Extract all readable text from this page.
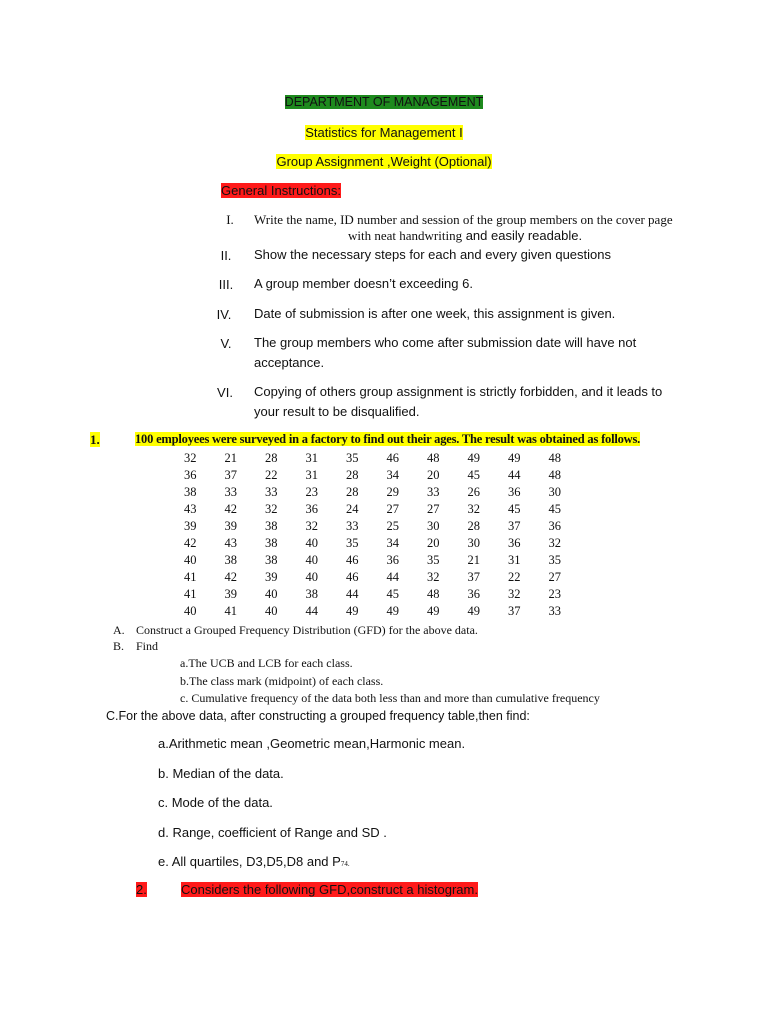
DEPARTMENT OF MANAGEMENT
Statistics for Management I
Group Assignment ,Weight (Optional)
General Instructions:
I.	Write the name, ID number and session of the group members on the cover page
with neat handwriting and easily readable.
II.	Show the necessary steps for each and every given questions
III.	A group member doesn’t exceeding 6.
IV.	Date of submission is after one week, this assignment is given.
V.	The group members who come after submission date will have not
acceptance.
VI.	Copying of others group assignment is strictly forbidden, and it leads to
your result to be disqualified.
1.	100 employees were surveyed in a factory to find out their ages. The result was obtained as follows.
32	21	28	31	35	46	48	49	49	48
36	37	22	31	28	34	20	45	44	48
38	33	33	23	28	29	33	26	36	30
43	42	32	36	24	27	27	32	45	45
39	39	38	32	33	25	30	28	37	36
42	43	38	40	35	34	20	30	36	32
40	38	38	40	46	36	35	21	31	35
41	42	39	40	46	44	32	37	22	27
41	39	40	38	44	45	48	36	32	23
40	41	40	44	49	49	49	49	37	33
A. Construct a Grouped Frequency Distribution (GFD) for the above data.
B. Find
a.The UCB and LCB for each class.
b.The class mark (midpoint) of each class.
c. Cumulative frequency of the data both less than and more than cumulative frequency
C.For the above data, after constructing a grouped frequency table,then find:
a.Arithmetic mean ,Geometric mean,Harmonic mean.
b. Median of the data.
c. Mode of the data.
d. Range, coefficient of Range and SD .
e. All quartiles, D3,D5,D8 and P74.
2.	Considers the following GFD,construct a histogram.
